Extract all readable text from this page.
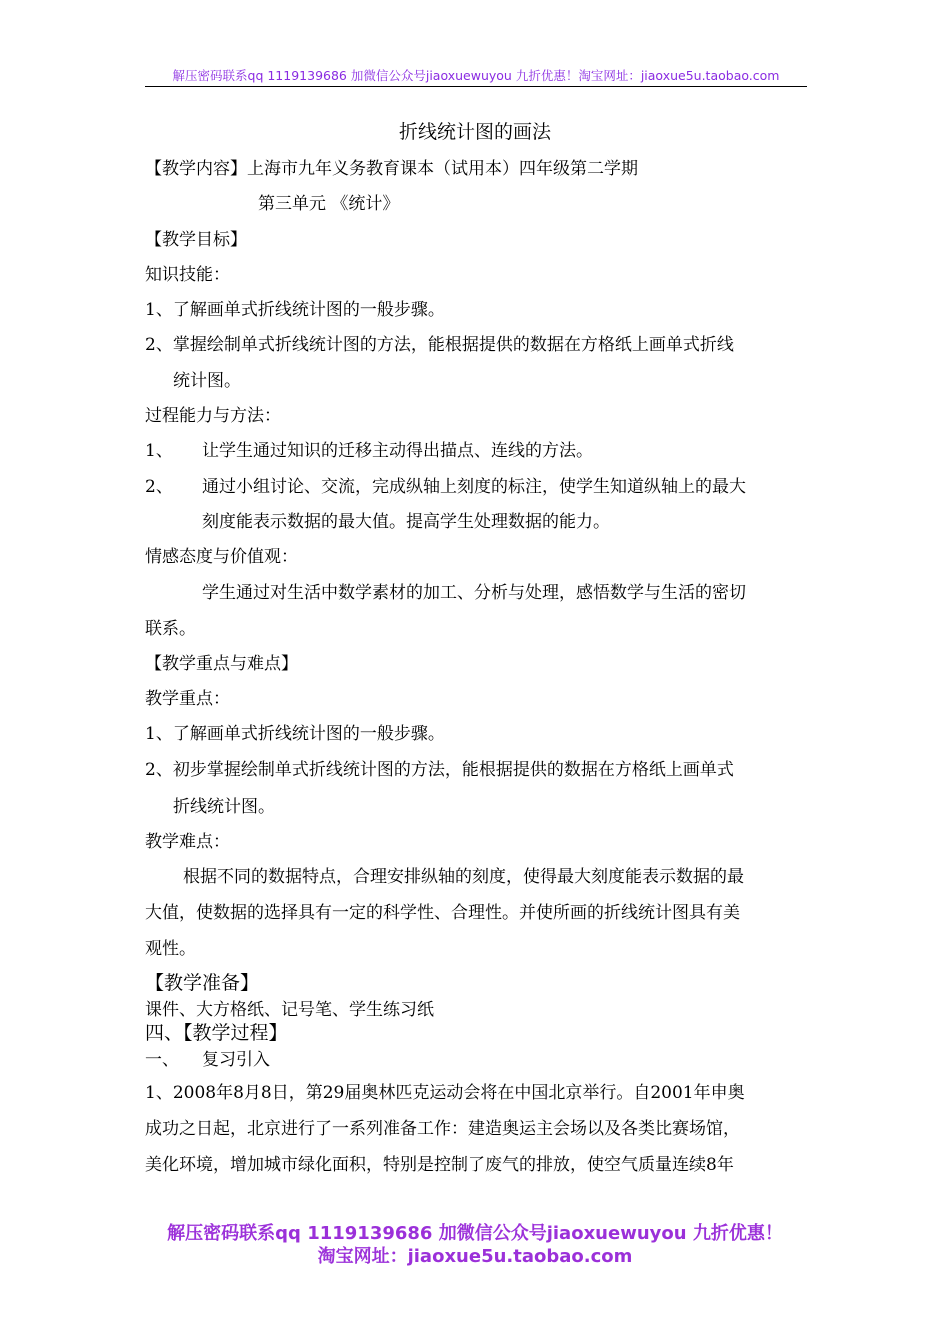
解压密码联系qq 1119139686 加微信公众号jiaoxuewuyou 九折优惠！淘宝网址：jiaoxue5u.taobao.com
折线统计图的画法
【教学内容】上海市九年义务教育课本（试用本）四年级第二学期
第三单元 《统计》
【教学目标】
知识技能：
1、了解画单式折线统计图的一般步骤。
2、掌握绘制单式折线统计图的方法，能根据提供的数据在方格纸上画单式折线
统计图。
过程能力与方法：
1、 让学生通过知识的迁移主动得出描点、连线的方法。
2、 通过小组讨论、交流，完成纵轴上刻度的标注，使学生知道纵轴上的最大
刻度能表示数据的最大值。提高学生处理数据的能力。
情感态度与价值观：
学生通过对生活中数学素材的加工、分析与处理，感悟数学与生活的密切
联系。
【教学重点与难点】
教学重点：
1、了解画单式折线统计图的一般步骤。
2、初步掌握绘制单式折线统计图的方法，能根据提供的数据在方格纸上画单式
折线统计图。
教学难点：
根据不同的数据特点，合理安排纵轴的刻度，使得最大刻度能表示数据的最
大值，使数据的选择具有一定的科学性、合理性。并使所画的折线统计图具有美
观性。
【教学准备】
课件、大方格纸、记号笔、学生练习纸
四、【教学过程】
一、 复习引入
1、2008年8月8日，第29届奥林匹克运动会将在中国北京举行。自2001年申奥
成功之日起，北京进行了一系列准备工作：建造奥运主会场以及各类比赛场馆，
美化环境，增加城市绿化面积，特别是控制了废气的排放，使空气质量连续8年
解压密码联系qq 1119139686 加微信公众号jiaoxuewuyou 九折优惠！
淘宝网址：jiaoxue5u.taobao.com
